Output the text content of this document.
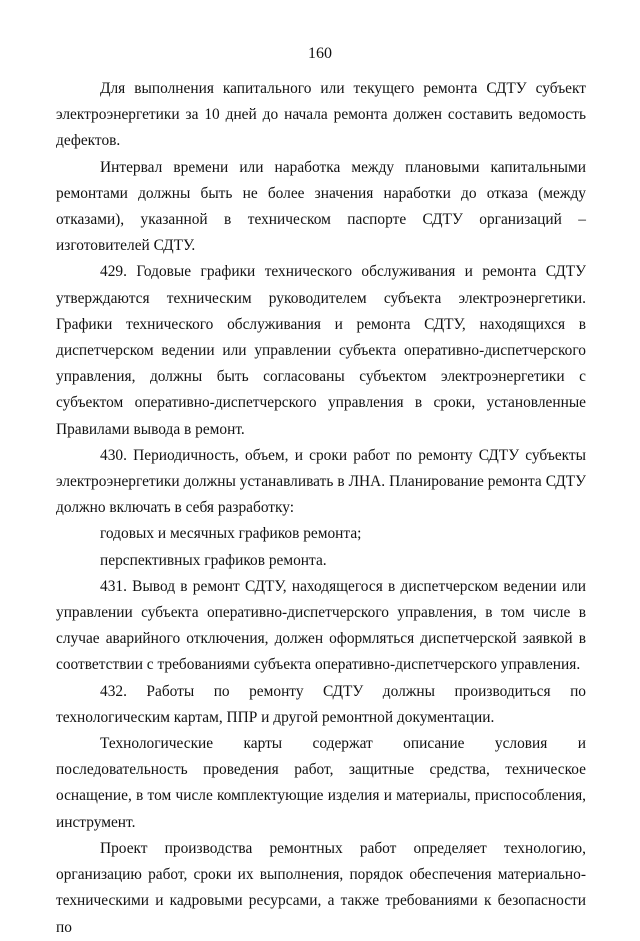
160

Для выполнения капитального или текущего ремонта СДТУ субъект электроэнергетики за 10 дней до начала ремонта должен составить ведомость дефектов.

Интервал времени или наработка между плановыми капитальными ремонтами должны быть не более значения наработки до отказа (между отказами), указанной в техническом паспорте СДТУ организаций – изготовителей СДТУ.

429. Годовые графики технического обслуживания и ремонта СДТУ утверждаются техническим руководителем субъекта электроэнергетики. Графики технического обслуживания и ремонта СДТУ, находящихся в диспетчерском ведении или управлении субъекта оперативно-диспетчерского управления, должны быть согласованы субъектом электроэнергетики с субъектом оперативно-диспетчерского управления в сроки, установленные Правилами вывода в ремонт.

430. Периодичность, объем, и сроки работ по ремонту СДТУ субъекты электроэнергетики должны устанавливать в ЛНА. Планирование ремонта СДТУ должно включать в себя разработку:

годовых и месячных графиков ремонта;

перспективных графиков ремонта.

431. Вывод в ремонт СДТУ, находящегося в диспетчерском ведении или управлении субъекта оперативно-диспетчерского управления, в том числе в случае аварийного отключения, должен оформляться диспетчерской заявкой в соответствии с требованиями субъекта оперативно-диспетчерского управления.

432. Работы по ремонту СДТУ должны производиться по технологическим картам, ППР и другой ремонтной документации.

Технологические карты содержат описание условия и последовательность проведения работ, защитные средства, техническое оснащение, в том числе комплектующие изделия и материалы, приспособления, инструмент.

Проект производства ремонтных работ определяет технологию, организацию работ, сроки их выполнения, порядок обеспечения материально-техническими и кадровыми ресурсами, а также требованиями к безопасности по
